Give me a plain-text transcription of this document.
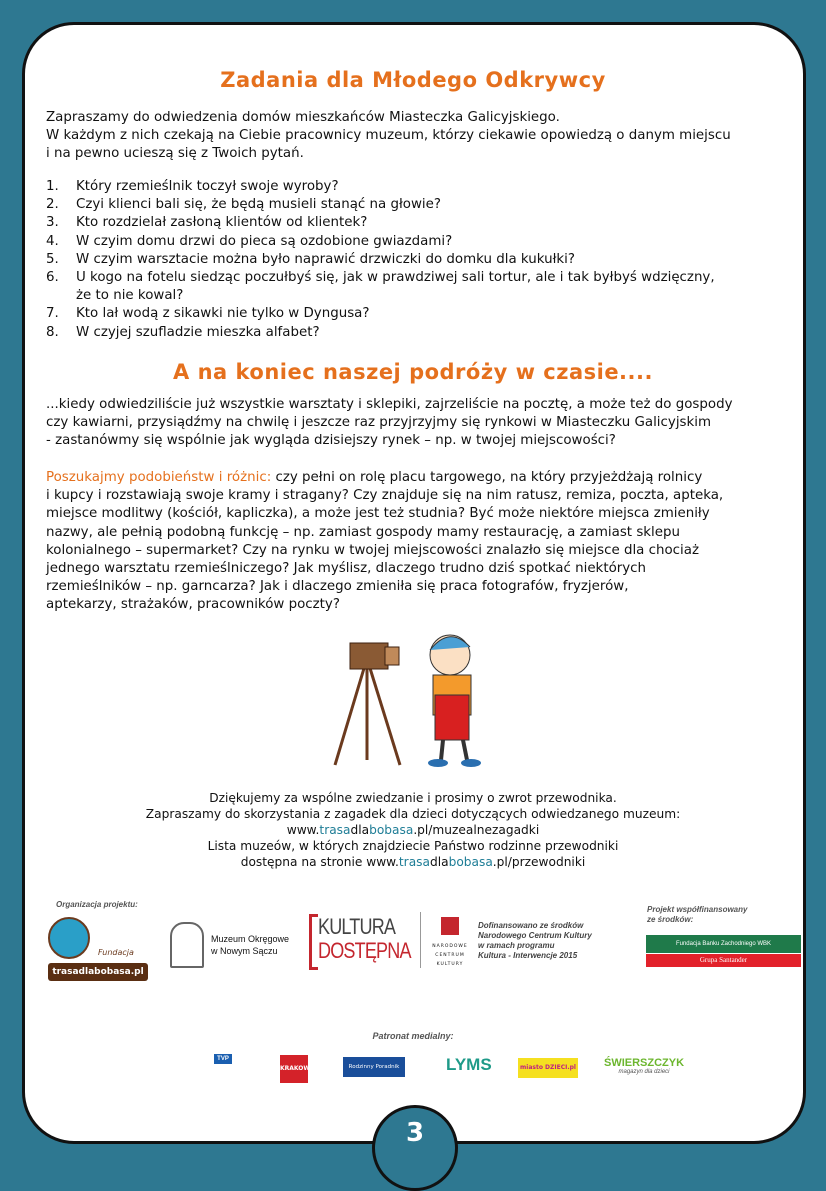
3
Zadania dla Młodego Odkrywcy
Zapraszamy do odwiedzenia domów mieszkańców Miasteczka Galicyjskiego.
W każdym z nich czekają na Ciebie pracownicy muzeum, którzy ciekawie opowiedzą o danym miejscu
i na pewno ucieszą się z Twoich pytań.
1.	Który rzemieślnik toczył swoje wyroby?
2.	Czyi klienci bali się, że będą musieli stanąć na głowie?
3.	Kto rozdzielał zasłoną klientów od klientek?
4.	W czyim domu drzwi do pieca są ozdobione gwiazdami?
5.	W czyim warsztacie można było naprawić drzwiczki do domku dla kukułki?
6.	U kogo na fotelu siedząc poczułbyś się, jak w prawdziwej sali tortur, ale i tak byłbyś wdzięczny,
że to nie kowal?
7.	Kto lał wodą z sikawki nie tylko w Dyngusa?
8.	W czyjej szufladzie mieszka alfabet?
A na koniec naszej podróży w czasie....
...kiedy odwiedziliście już wszystkie warsztaty i sklepiki, zajrzeliście na pocztę, a może też do gospody
czy kawiarni, przysiądźmy na chwilę i jeszcze raz przyjrzyjmy się rynkowi w Miasteczku Galicyjskim
- zastanówmy się wspólnie jak wygląda dzisiejszy rynek – np. w twojej miejscowości?
Poszukajmy podobieństw i różnic: czy pełni on rolę placu targowego, na który przyjeżdżają rolnicy
i kupcy i rozstawiają swoje kramy i stragany? Czy znajduje się na nim ratusz, remiza, poczta, apteka,
miejsce modlitwy (kościół, kapliczka), a może jest też studnia? Być może niektóre miejsca zmieniły
nazwy, ale pełnią podobną funkcję – np. zamiast gospody mamy restaurację, a zamiast sklepu
kolonialnego – supermarket? Czy na rynku w twojej miejscowości znalazło się miejsce dla chociaż
jednego warsztatu rzemieślniczego? Jak myślisz, dlaczego trudno dziś spotkać niektórych
rzemieślników – np. garncarza? Jak i dlaczego zmieniła się praca fotografów, fryzjerów,
aptekarzy, strażaków, pracowników poczty?
Dziękujemy za wspólne zwiedzanie i prosimy o zwrot przewodnika.
Zapraszamy do skorzystania z zagadek dla dzieci dotyczących odwiedzanego muzeum:
www.trasadlabobasa.pl/muzealnezagadki
Lista muzeów, w których znajdziecie Państwo rodzinne przewodniki
dostępna na stronie www.trasadlabobasa.pl/przewodniki
Organizacja projektu:
Fundacja
trasadlabobasa.pl
Muzeum Okręgowe
w Nowym Sączu
KULTURA
DOSTĘPNA	NARODOWE
CENTRUM
KULTURY
Dofinansowano ze środków
Narodowego Centrum Kultury
w ramach programu
Kultura - Interwencje 2015
Projekt współfinansowany
ze środków:
Fundacja Banku Zachodniego WBK
Grupa Santander
Patronat medialny:
TVP abc	KRAKOWIE	Rodzinny Poradnik	LYMS	miasto DZIECI.pl	ŚWIERSZCZYK
magazyn dla dzieci
